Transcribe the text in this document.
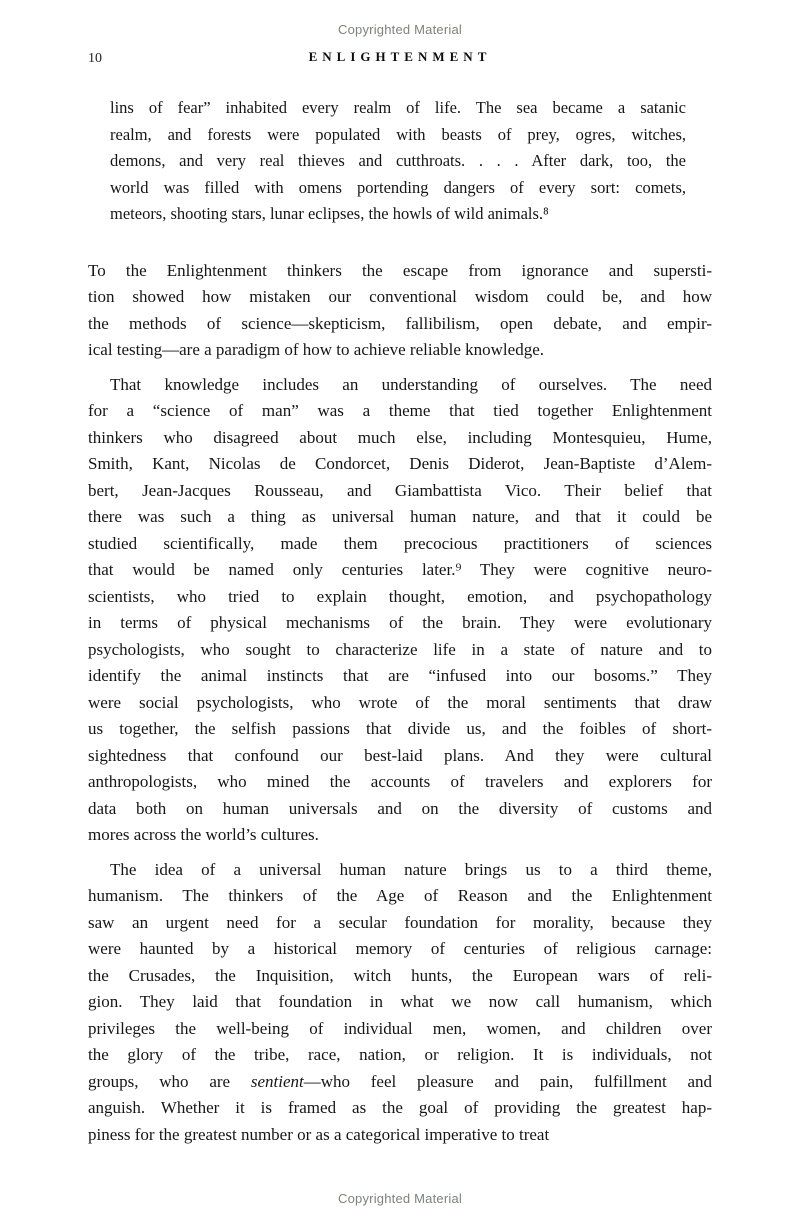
Copyrighted Material
10	ENLIGHTENMENT
lins of fear” inhabited every realm of life. The sea became a satanic
realm, and forests were populated with beasts of prey, ogres, witches,
demons, and very real thieves and cutthroats. . . . After dark, too, the
world was filled with omens portending dangers of every sort: comets,
meteors, shooting stars, lunar eclipses, the howls of wild animals.⁸
To the Enlightenment thinkers the escape from ignorance and supersti-
tion showed how mistaken our conventional wisdom could be, and how
the methods of science—skepticism, fallibilism, open debate, and empir-
ical testing—are a paradigm of how to achieve reliable knowledge.
That knowledge includes an understanding of ourselves. The need
for a “science of man” was a theme that tied together Enlightenment
thinkers who disagreed about much else, including Montesquieu, Hume,
Smith, Kant, Nicolas de Condorcet, Denis Diderot, Jean-Baptiste d’Alem-
bert, Jean-Jacques Rousseau, and Giambattista Vico. Their belief that
there was such a thing as universal human nature, and that it could be
studied scientifically, made them precocious practitioners of sciences
that would be named only centuries later.⁹ They were cognitive neuro-
scientists, who tried to explain thought, emotion, and psychopathology
in terms of physical mechanisms of the brain. They were evolutionary
psychologists, who sought to characterize life in a state of nature and to
identify the animal instincts that are “infused into our bosoms.” They
were social psychologists, who wrote of the moral sentiments that draw
us together, the selfish passions that divide us, and the foibles of short-
sightedness that confound our best-laid plans. And they were cultural
anthropologists, who mined the accounts of travelers and explorers for
data both on human universals and on the diversity of customs and
mores across the world’s cultures.
The idea of a universal human nature brings us to a third theme,
humanism. The thinkers of the Age of Reason and the Enlightenment
saw an urgent need for a secular foundation for morality, because they
were haunted by a historical memory of centuries of religious carnage:
the Crusades, the Inquisition, witch hunts, the European wars of reli-
gion. They laid that foundation in what we now call humanism, which
privileges the well-being of individual men, women, and children over
the glory of the tribe, race, nation, or religion. It is individuals, not
groups, who are sentient—who feel pleasure and pain, fulfillment and
anguish. Whether it is framed as the goal of providing the greatest hap-
piness for the greatest number or as a categorical imperative to treat
Copyrighted Material
